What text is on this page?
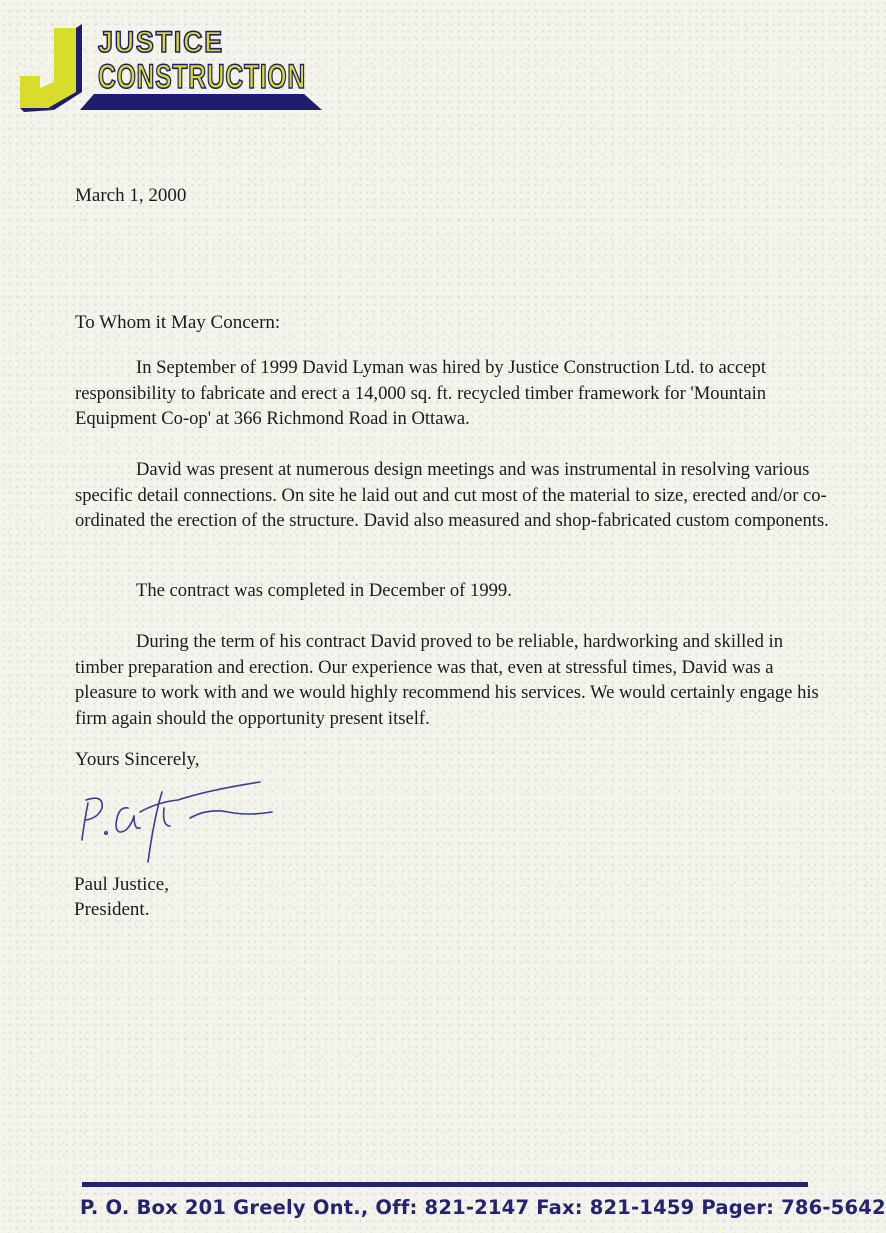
JUSTICE
CONSTRUCTION
March 1, 2000
To Whom it May Concern:

In September of 1999 David Lyman was hired by Justice Construction Ltd. to accept responsibility to fabricate and erect a 14,000 sq. ft. recycled timber framework for 'Mountain Equipment Co-op' at 366 Richmond Road in Ottawa.

David was present at numerous design meetings and was instrumental in resolving various specific detail connections. On site he laid out and cut most of the material to size, erected and/or co-ordinated the erection of the structure. David also measured and shop-fabricated custom components.

The contract was completed in December of 1999.

During the term of his contract David proved to be reliable, hardworking and skilled in timber preparation and erection. Our experience was that, even at stressful times, David was a pleasure to work with and we would highly recommend his services. We would certainly engage his firm again should the opportunity present itself.

Yours Sincerely,
Paul Justice,
President.
P. O. Box 201 Greely Ont., Off: 821-2147 Fax: 821-1459 Pager: 786-5642
